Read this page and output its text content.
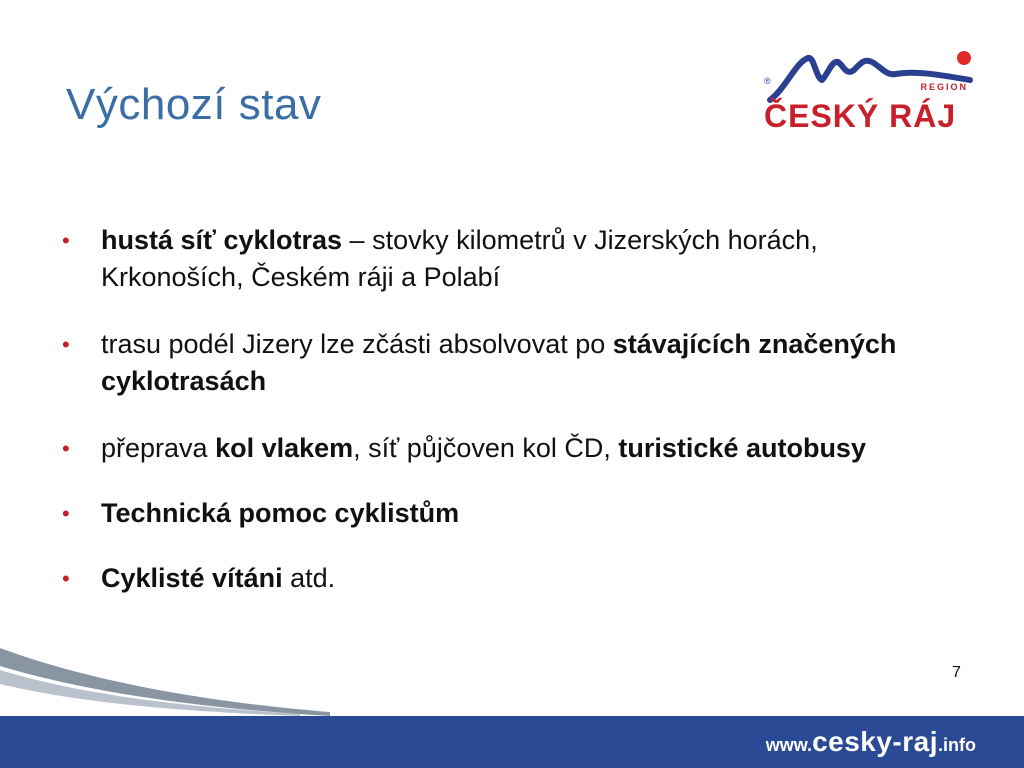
Výchozí stav	®
REGION
ČESKÝ RÁJ
• hustá síť cyklotras – stovky kilometrů v Jizerských horách, Krkonoších, Českém ráji a Polabí
• trasu podél Jizery lze zčásti absolvovat po stávajících značených cyklotrasách
• přeprava kol vlakem, síť půjčoven kol ČD, turistické autobusy
• Technická pomoc cyklistům
• Cyklisté vítáni atd.
7
www.cesky-raj.info
